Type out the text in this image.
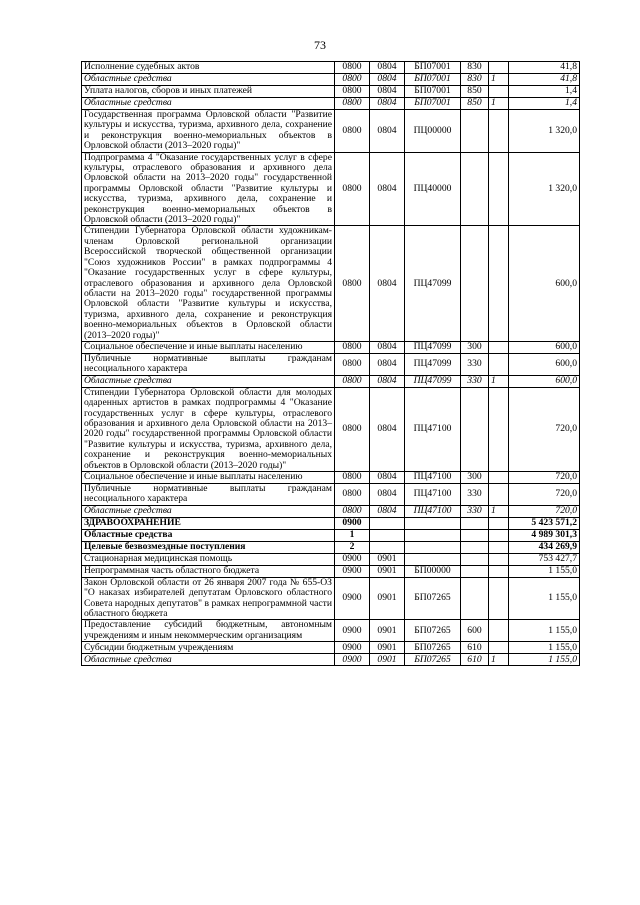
73
Исполнение судебных актов	0800	0804	БП07001	830		41,8
Областные средства	0800	0804	БП07001	830	1	41,8
Уплата налогов, сборов и иных платежей	0800	0804	БП07001	850		1,4
Областные средства	0800	0804	БП07001	850	1	1,4
Государственная программа Орловской области "Развитие культуры и искусства, туризма, архивного дела, сохранение и реконструкция военно-мемориальных объектов в Орловской области (2013–2020 годы)"	0800	0804	ПЦ00000			1 320,0
Подпрограмма 4 "Оказание государственных услуг в сфере культуры, отраслевого образования и архивного дела Орловской области на 2013–2020 годы" государственной программы Орловской области "Развитие культуры и искусства, туризма, архивного дела, сохранение и реконструкция военно-мемориальных объектов в Орловской области (2013–2020 годы)"	0800	0804	ПЦ40000			1 320,0
Стипендии Губернатора Орловской области художникам-членам Орловской региональной организации Всероссийской творческой общественной организации "Союз художников России" в рамках подпрограммы 4 "Оказание государственных услуг в сфере культуры, отраслевого образования и архивного дела Орловской области на 2013–2020 годы" государственной программы Орловской области "Развитие культуры и искусства, туризма, архивного дела, сохранение и реконструкция военно-мемориальных объектов в Орловской области (2013–2020 годы)"	0800	0804	ПЦ47099			600,0
Социальное обеспечение и иные выплаты населению	0800	0804	ПЦ47099	300		600,0
Публичные нормативные выплаты гражданам несоциального характера	0800	0804	ПЦ47099	330		600,0
Областные средства	0800	0804	ПЦ47099	330	1	600,0
Стипендии Губернатора Орловской области для молодых одаренных артистов в рамках подпрограммы 4 "Оказание государственных услуг в сфере культуры, отраслевого образования и архивного дела Орловской области на 2013–2020 годы" государственной программы Орловской области "Развитие культуры и искусства, туризма, архивного дела, сохранение и реконструкция военно-мемориальных объектов в Орловской области (2013–2020 годы)"	0800	0804	ПЦ47100			720,0
Социальное обеспечение и иные выплаты населению	0800	0804	ПЦ47100	300		720,0
Публичные нормативные выплаты гражданам несоциального характера	0800	0804	ПЦ47100	330		720,0
Областные средства	0800	0804	ПЦ47100	330	1	720,0
ЗДРАВООХРАНЕНИЕ	0900					5 423 571,2
Областные средства	1					4 989 301,3
Целевые безвозмездные поступления	2					434 269,9
Стационарная медицинская помощь	0900	0901				753 427,7
Непрограммная часть областного бюджета	0900	0901	БП00000			1 155,0
Закон Орловской области от 26 января 2007 года № 655-ОЗ "О наказах избирателей депутатам Орловского областного Совета народных депутатов" в рамках непрограммной части областного бюджета	0900	0901	БП07265			1 155,0
Предоставление субсидий бюджетным, автономным учреждениям и иным некоммерческим организациям	0900	0901	БП07265	600		1 155,0
Субсидии бюджетным учреждениям	0900	0901	БП07265	610		1 155,0
Областные средства	0900	0901	БП07265	610	1	1 155,0
